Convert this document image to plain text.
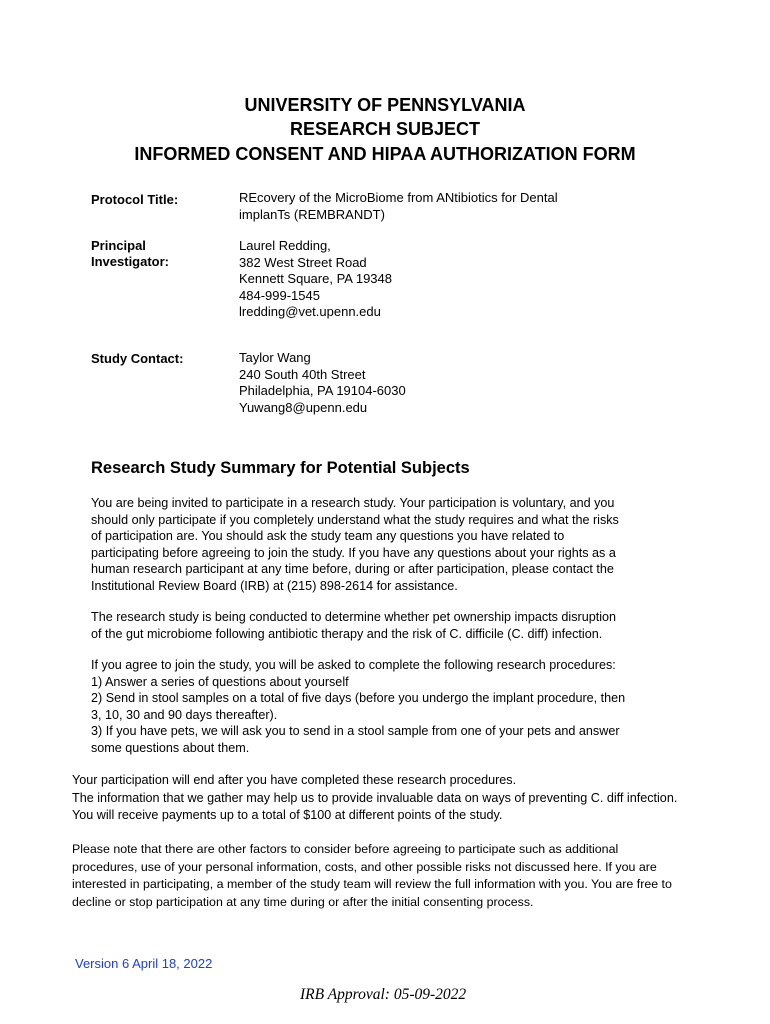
UNIVERSITY OF PENNSYLVANIA
RESEARCH SUBJECT
INFORMED CONSENT AND HIPAA AUTHORIZATION FORM
Protocol Title:	REcovery of the MicroBiome from ANtibiotics for Dental
implanTs (REMBRANDT)
Principal
Investigator:
Laurel Redding,
382 West Street Road
Kennett Square, PA 19348
484-999-1545
lredding@vet.upenn.edu
Study Contact:	Taylor Wang
240 South 40th Street
Philadelphia, PA 19104-6030
Yuwang8@upenn.edu
Research Study Summary for Potential Subjects
You are being invited to participate in a research study. Your participation is voluntary, and you
should only participate if you completely understand what the study requires and what the risks
of participation are. You should ask the study team any questions you have related to
participating before agreeing to join the study. If you have any questions about your rights as a
human research participant at any time before, during or after participation, please contact the
Institutional Review Board (IRB) at (215) 898-2614 for assistance.
The research study is being conducted to determine whether pet ownership impacts disruption
of the gut microbiome following antibiotic therapy and the risk of C. difficile (C. diff) infection.
If you agree to join the study, you will be asked to complete the following research procedures:
1) Answer a series of questions about yourself
2) Send in stool samples on a total of five days (before you undergo the implant procedure, then
3, 10, 30 and 90 days thereafter).
3) If you have pets, we will ask you to send in a stool sample from one of your pets and answer
some questions about them.
Your participation will end after you have completed these research procedures.
The information that we gather may help us to provide invaluable data on ways of preventing C. diff infection.
You will receive payments up to a total of $100 at different points of the study.
Please note that there are other factors to consider before agreeing to participate such as additional
procedures, use of your personal information, costs, and other possible risks not discussed here. If you are
interested in participating, a member of the study team will review the full information with you. You are free to
decline or stop participation at any time during or after the initial consenting process.
Version 6 April 18, 2022
IRB Approval: 05-09-2022
